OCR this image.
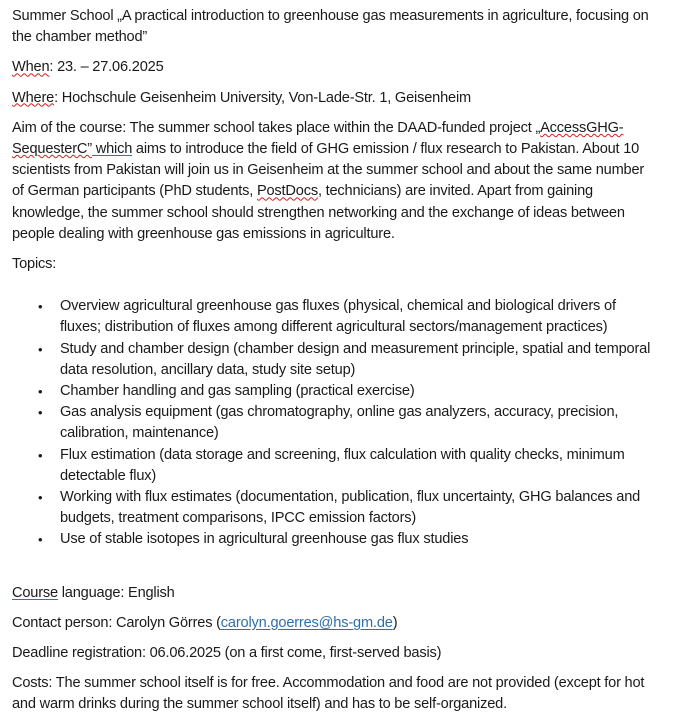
Summer School „A practical introduction to greenhouse gas measurements in agriculture, focusing on the chamber method”

When: 23. – 27.06.2025

Where: Hochschule Geisenheim University, Von-Lade-Str. 1, Geisenheim

Aim of the course: The summer school takes place within the DAAD-funded project „AccessGHG-SequesterC” which aims to introduce the field of GHG emission / flux research to Pakistan. About 10 scientists from Pakistan will join us in Geisenheim at the summer school and about the same number of German participants (PhD students, PostDocs, technicians) are invited. Apart from gaining knowledge, the summer school should strengthen networking and the exchange of ideas between people dealing with greenhouse gas emissions in agriculture.

Topics:

• Overview agricultural greenhouse gas fluxes (physical, chemical and biological drivers of fluxes; distribution of fluxes among different agricultural sectors/management practices)
• Study and chamber design (chamber design and measurement principle, spatial and temporal data resolution, ancillary data, study site setup)
• Chamber handling and gas sampling (practical exercise)
• Gas analysis equipment (gas chromatography, online gas analyzers, accuracy, precision, calibration, maintenance)
• Flux estimation (data storage and screening, flux calculation with quality checks, minimum detectable flux)
• Working with flux estimates (documentation, publication, flux uncertainty, GHG balances and budgets, treatment comparisons, IPCC emission factors)
• Use of stable isotopes in agricultural greenhouse gas flux studies

Course language: English

Contact person: Carolyn Görres (carolyn.goerres@hs-gm.de)

Deadline registration: 06.06.2025 (on a first come, first-served basis)

Costs: The summer school itself is for free. Accommodation and food are not provided (except for hot and warm drinks during the summer school itself) and has to be self-organized.
